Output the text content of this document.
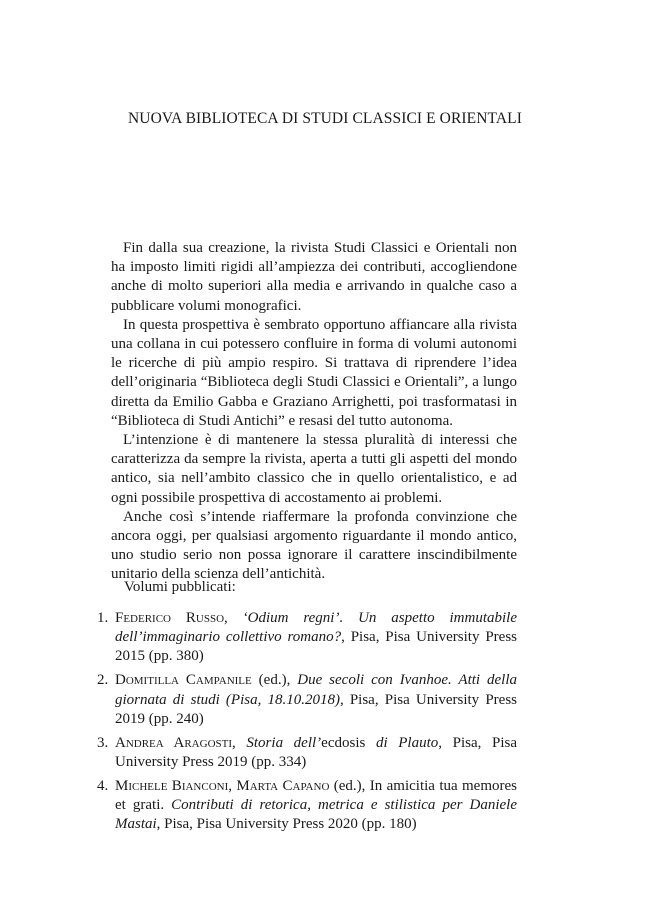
NUOVA BIBLIOTECA DI STUDI CLASSICI E ORIENTALI

Fin dalla sua creazione, la rivista Studi Classici e Orientali non ha imposto limiti rigidi all’ampiezza dei contributi, accogliendone anche di molto superiori alla media e arrivando in qualche caso a pubblicare volumi monografici.

In questa prospettiva è sembrato opportuno affiancare alla rivista una collana in cui potessero confluire in forma di volumi autonomi le ricerche di più ampio respiro. Si trattava di riprendere l’idea dell’originaria “Biblioteca degli Studi Classici e Orientali”, a lungo diretta da Emilio Gabba e Graziano Arrighetti, poi trasformatasi in “Biblioteca di Studi Antichi” e resasi del tutto autonoma.

L’intenzione è di mantenere la stessa pluralità di interessi che caratterizza da sempre la rivista, aperta a tutti gli aspetti del mondo antico, sia nell’ambito classico che in quello orientalistico, e ad ogni possibile prospettiva di accostamento ai problemi.

Anche così s’intende riaffermare la profonda convinzione che ancora oggi, per qualsiasi argomento riguardante il mondo antico, uno studio serio non possa ignorare il carattere inscindibilmente unitario della scienza dell’antichità.

Volumi pubblicati:
1. Federico Russo, ‘Odium regni’. Un aspetto immutabile dell’immaginario collettivo romano?, Pisa, Pisa University Press 2015 (pp. 380)
2. Domitilla Campanile (ed.), Due secoli con Ivanhoe. Atti della giornata di studi (Pisa, 18.10.2018), Pisa, Pisa University Press 2019 (pp. 240)
3. Andrea Aragosti, Storia dell’ecdosis di Plauto, Pisa, Pisa University Press 2019 (pp. 334)
4. Michele Bianconi, Marta Capano (ed.), In amicitia tua memores et grati. Contributi di retorica, metrica e stilistica per Daniele Mastai, Pisa, Pisa University Press 2020 (pp. 180)
